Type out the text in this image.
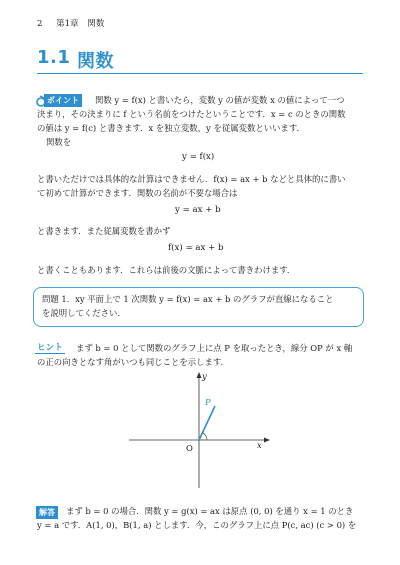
2 第1章　関数
1.1 関数
ポイント	関数 y = f(x) と書いたら，変数 y の値が変数 x の値によって一つ
決まり，その決まりに f という名前をつけたということです．x = c のときの関数
の値は y = f(c) と書きます．x を独立変数，y を従属変数といいます．
関数を
y = f(x)
と書いただけでは具体的な計算はできません．f(x) = ax + b などと具体的に書い
て初めて計算ができます．関数の名前が不要な場合は
y = ax + b
と書きます．また従属変数を書かず
f(x) = ax + b
と書くこともあります．これらは前後の文脈によって書きわけます．
問題 1．xy 平面上で 1 次関数 y = f(x) = ax + b のグラフが直線になること
を説明してください．
ヒント まず b = 0 として関数のグラフ上に点 P を取ったとき，線分 OP が x 軸
の正の向きとなす角がいつも同じことを示します．
y
x
O
P
解答	まず b = 0 の場合．関数 y = g(x) = ax は原点 (0, 0) を通り x = 1 のとき
y = a です．A(1, 0)，B(1, a) とします．今，このグラフ上に点 P(c, ac) (c > 0) を
